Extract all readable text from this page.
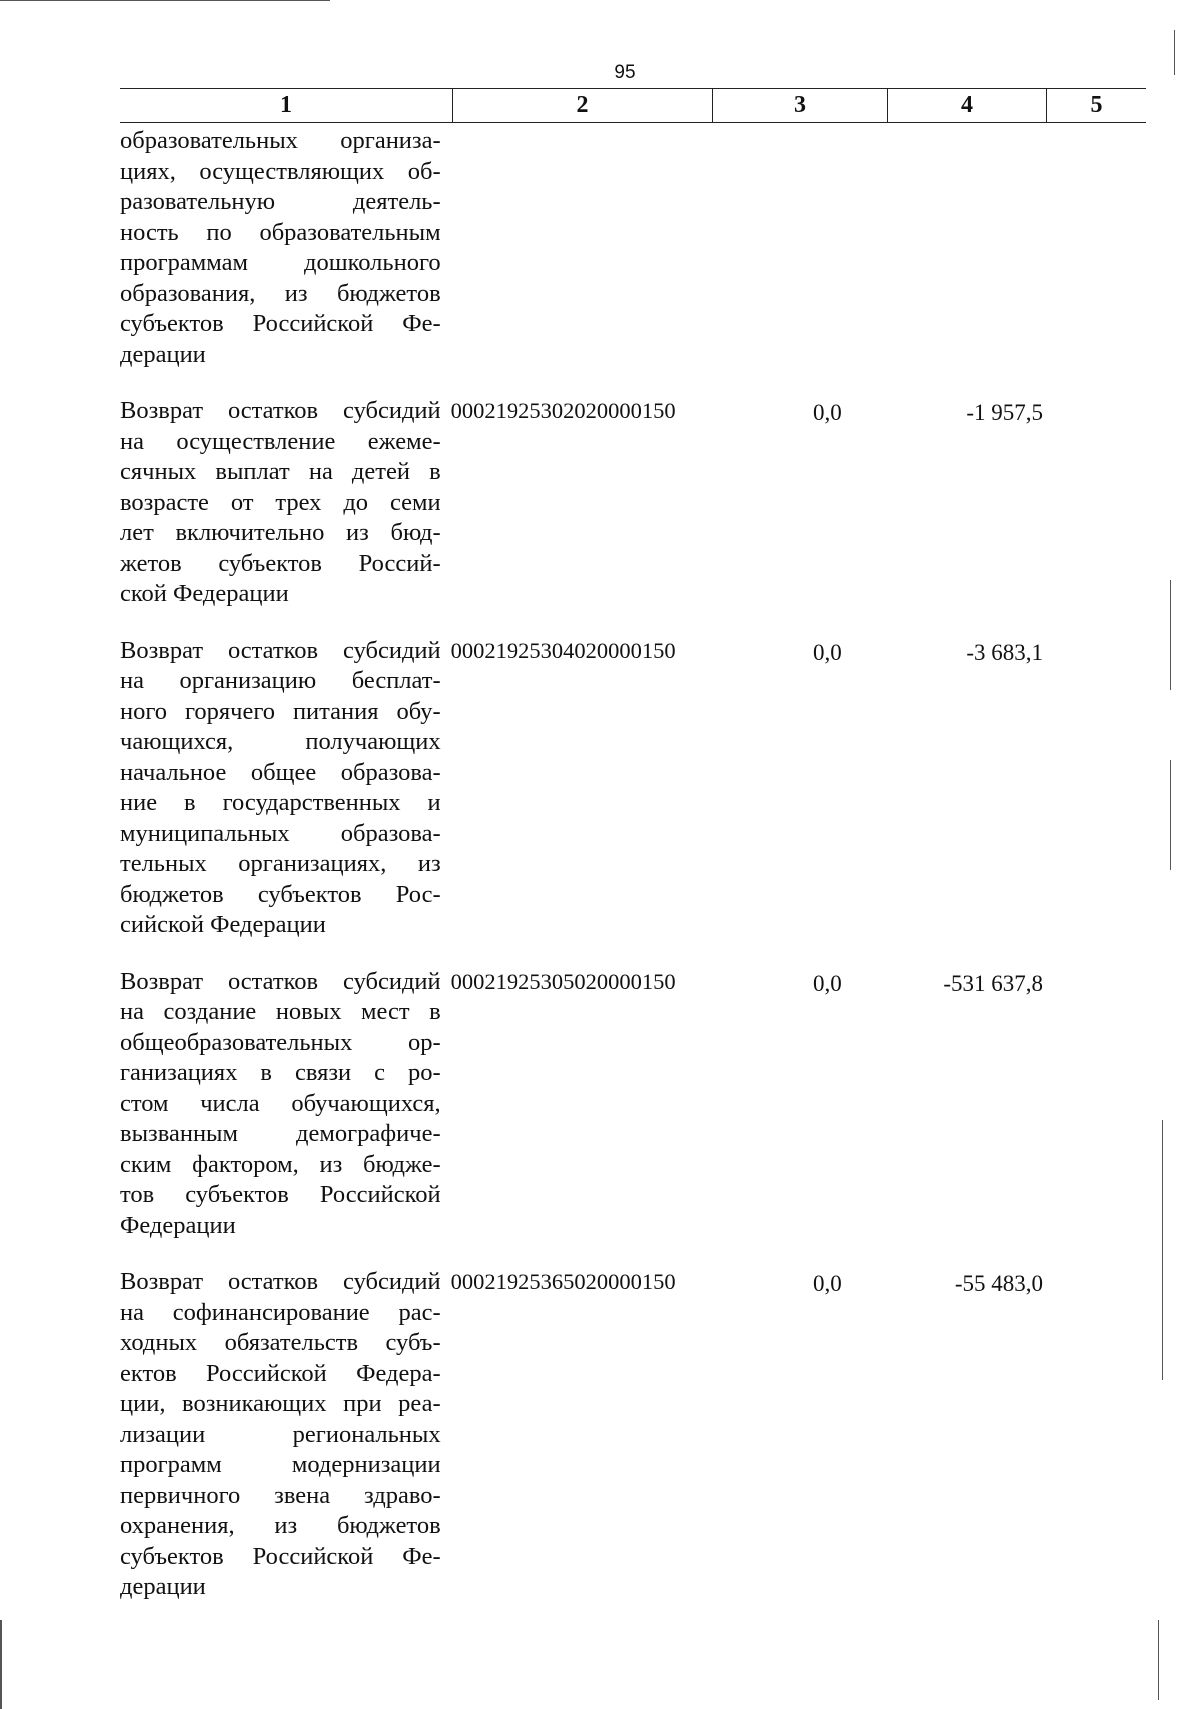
95
1	2	3	4	5
образовательных организа-
циях, осуществляющих об-
разовательную деятель-
ность по образовательным
программам дошкольного
образования, из бюджетов
субъектов Российской Фе-
дерации
Возврат остатков субсидий
на осуществление ежеме-
сячных выплат на детей в
возрасте от трех до семи
лет включительно из бюд-
жетов субъектов Россий-
ской Федерации
00021925302020000150	0,0	-1 957,5
Возврат остатков субсидий
на организацию бесплат-
ного горячего питания обу-
чающихся, получающих
начальное общее образова-
ние в государственных и
муниципальных образова-
тельных организациях, из
бюджетов субъектов Рос-
сийской Федерации
00021925304020000150	0,0	-3 683,1
Возврат остатков субсидий
на создание новых мест в
общеобразовательных ор-
ганизациях в связи с ро-
стом числа обучающихся,
вызванным демографиче-
ским фактором, из бюдже-
тов субъектов Российской
Федерации
00021925305020000150	0,0	-531 637,8
Возврат остатков субсидий
на софинансирование рас-
ходных обязательств субъ-
ектов Российской Федера-
ции, возникающих при реа-
лизации региональных
программ модернизации
первичного звена здраво-
охранения, из бюджетов
субъектов Российской Фе-
дерации
00021925365020000150	0,0	-55 483,0
